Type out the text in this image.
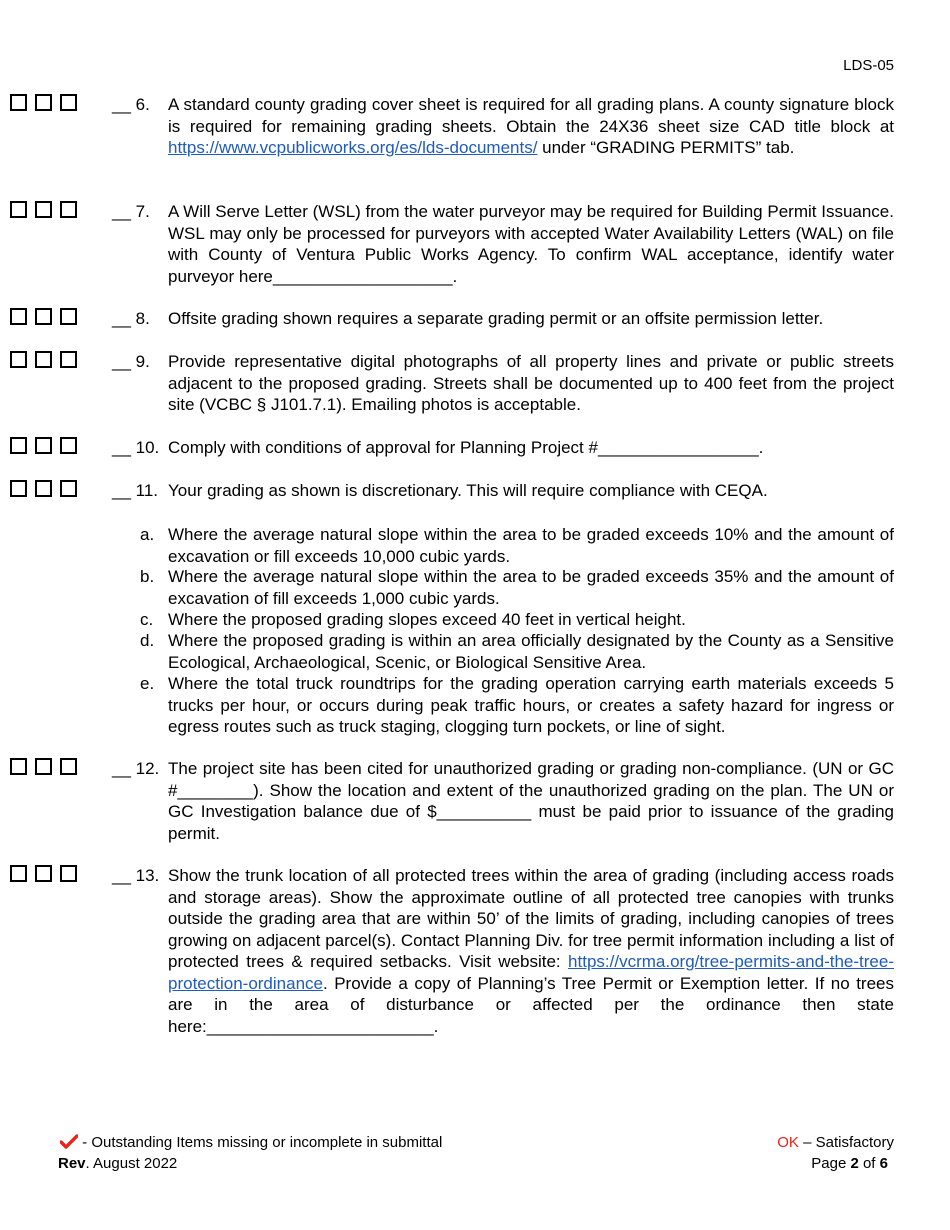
LDS-05
__ 6. A standard county grading cover sheet is required for all grading plans. A county signature block is required for remaining grading sheets. Obtain the 24X36 sheet size CAD title block at https://www.vcpublicworks.org/es/lds-documents/ under “GRADING PERMITS” tab.
__ 7. A Will Serve Letter (WSL) from the water purveyor may be required for Building Permit Issuance. WSL may only be processed for purveyors with accepted Water Availability Letters (WAL) on file with County of Ventura Public Works Agency. To confirm WAL acceptance, identify water purveyor here___________________.
__ 8. Offsite grading shown requires a separate grading permit or an offsite permission letter.
__ 9. Provide representative digital photographs of all property lines and private or public streets adjacent to the proposed grading. Streets shall be documented up to 400 feet from the project site (VCBC § J101.7.1). Emailing photos is acceptable.
__ 10. Comply with conditions of approval for Planning Project #_________________.
__ 11. Your grading as shown is discretionary. This will require compliance with CEQA.
a. Where the average natural slope within the area to be graded exceeds 10% and the amount of excavation or fill exceeds 10,000 cubic yards.
b. Where the average natural slope within the area to be graded exceeds 35% and the amount of excavation of fill exceeds 1,000 cubic yards.
c. Where the proposed grading slopes exceed 40 feet in vertical height.
d. Where the proposed grading is within an area officially designated by the County as a Sensitive Ecological, Archaeological, Scenic, or Biological Sensitive Area.
e. Where the total truck roundtrips for the grading operation carrying earth materials exceeds 5 trucks per hour, or occurs during peak traffic hours, or creates a safety hazard for ingress or egress routes such as truck staging, clogging turn pockets, or line of sight.
__ 12. The project site has been cited for unauthorized grading or grading non-compliance. (UN or GC #________). Show the location and extent of the unauthorized grading on the plan. The UN or GC Investigation balance due of $__________ must be paid prior to issuance of the grading permit.
__ 13. Show the trunk location of all protected trees within the area of grading (including access roads and storage areas). Show the approximate outline of all protected tree canopies with trunks outside the grading area that are within 50’ of the limits of grading, including canopies of trees growing on adjacent parcel(s). Contact Planning Div. for tree permit information including a list of protected trees & required setbacks. Visit website: https://vcrma.org/tree-permits-and-the-tree-protection-ordinance. Provide a copy of Planning’s Tree Permit or Exemption letter. If no trees are in the area of disturbance or affected per the ordinance then state here:________________________.
- Outstanding Items missing or incomplete in submittal	OK – Satisfactory
Rev. August 2022	Page 2 of 6
